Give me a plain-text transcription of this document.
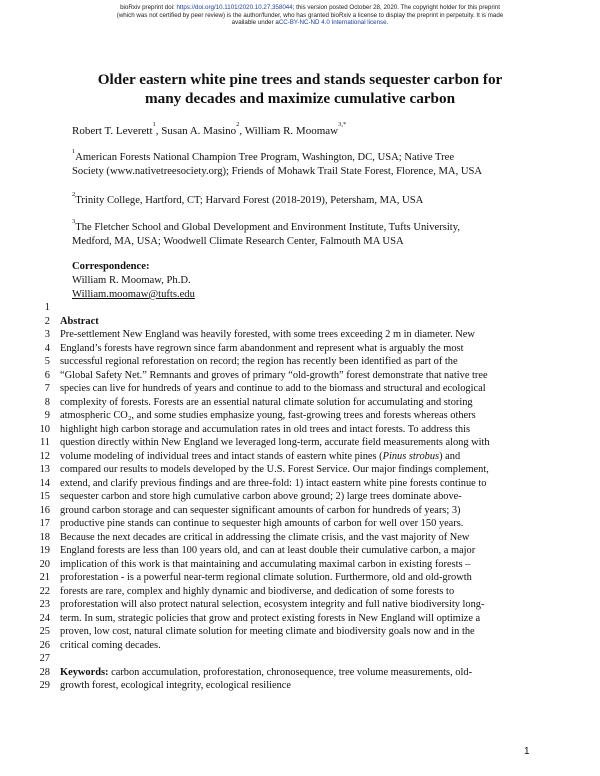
bioRxiv preprint doi: https://doi.org/10.1101/2020.10.27.358044; this version posted October 28, 2020. The copyright holder for this preprint
(which was not certified by peer review) is the author/funder, who has granted bioRxiv a license to display the preprint in perpetuity. It is made
available under aCC-BY-NC-ND 4.0 International license.
Older eastern white pine trees and stands sequester carbon for
many decades and maximize cumulative carbon
Robert T. Leverett$^1$, Susan A. Masino$^2$, William R. Moomaw$^{3,*}$
$^1$American Forests National Champion Tree Program, Washington, DC, USA; Native Tree
Society (www.nativetreesociety.org); Friends of Mohawk Trail State Forest, Florence, MA, USA
$^2$Trinity College, Hartford, CT; Harvard Forest (2018-2019), Petersham, MA, USA
$^3$The Fletcher School and Global Development and Environment Institute, Tufts University,
Medford, MA, USA; Woodwell Climate Research Center, Falmouth MA USA
Correspondence:
William R. Moomaw, Ph.D.
William.moomaw@tufts.edu
1
2 Abstract
3 Pre-settlement New England was heavily forested, with some trees exceeding 2 m in diameter. New
4 England’s forests have regrown since farm abandonment and represent what is arguably the most
5 successful regional reforestation on record; the region has recently been identified as part of the
6 “Global Safety Net.” Remnants and groves of primary “old-growth” forest demonstrate that native tree
7 species can live for hundreds of years and continue to add to the biomass and structural and ecological
8 complexity of forests. Forests are an essential natural climate solution for accumulating and storing
9 atmospheric CO₂, and some studies emphasize young, fast-growing trees and forests whereas others
10 highlight high carbon storage and accumulation rates in old trees and intact forests. To address this
11 question directly within New England we leveraged long-term, accurate field measurements along with
12 volume modeling of individual trees and intact stands of eastern white pines (Pinus strobus) and
13 compared our results to models developed by the U.S. Forest Service. Our major findings complement,
14 extend, and clarify previous findings and are three-fold: 1) intact eastern white pine forests continue to
15 sequester carbon and store high cumulative carbon above ground; 2) large trees dominate above-
16 ground carbon storage and can sequester significant amounts of carbon for hundreds of years; 3)
17 productive pine stands can continue to sequester high amounts of carbon for well over 150 years.
18 Because the next decades are critical in addressing the climate crisis, and the vast majority of New
19 England forests are less than 100 years old, and can at least double their cumulative carbon, a major
20 implication of this work is that maintaining and accumulating maximal carbon in existing forests –
21 proforestation - is a powerful near-term regional climate solution. Furthermore, old and old-growth
22 forests are rare, complex and highly dynamic and biodiverse, and dedication of some forests to
23 proforestation will also protect natural selection, ecosystem integrity and full native biodiversity long-
24 term. In sum, strategic policies that grow and protect existing forests in New England will optimize a
25 proven, low cost, natural climate solution for meeting climate and biodiversity goals now and in the
26 critical coming decades.
27
28 Keywords: carbon accumulation, proforestation, chronosequence, tree volume measurements, old-
29 growth forest, ecological integrity, ecological resilience
1
